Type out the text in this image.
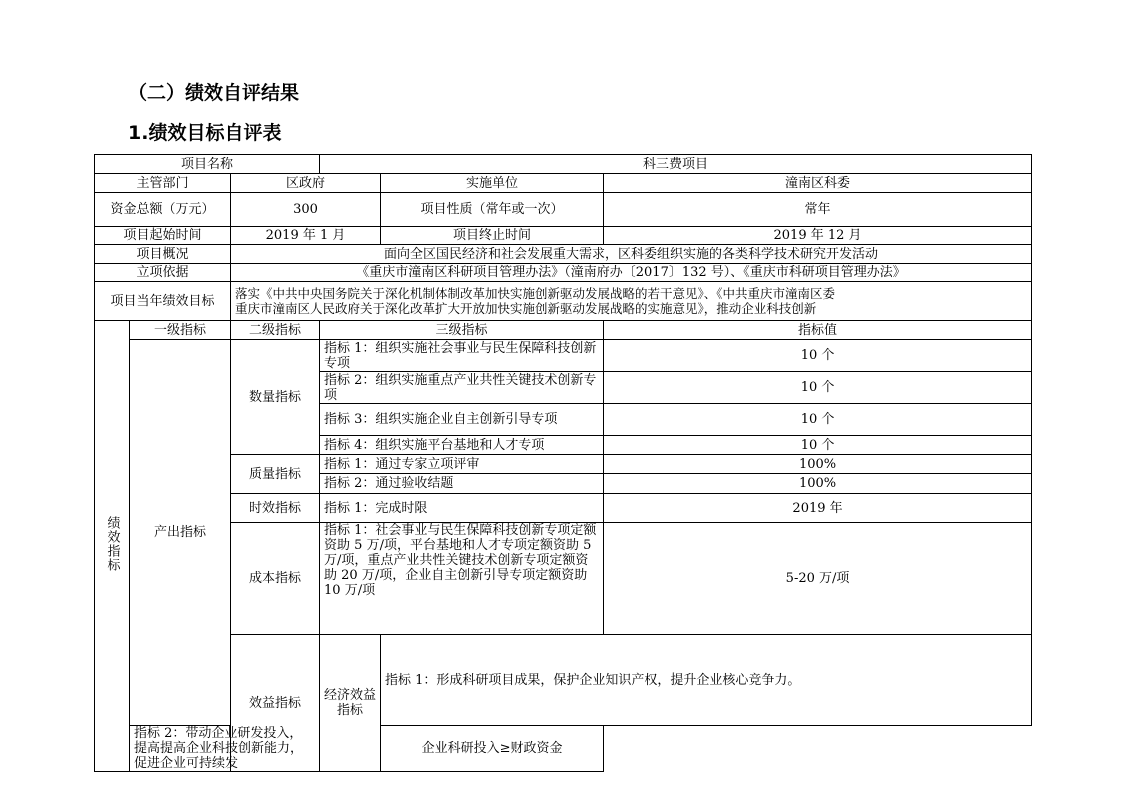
（二）绩效自评结果
1.绩效目标自评表
项目名称			科三费项目			
主管部门		区政府		实施单位	潼南区科委	
资金总额（万元）		300		项目性质（常年或一次）	常年	
项目起始时间		2019 年 1 月		项目终止时间	2019 年 12 月	
项目概况		面向全区国民经济和社会发展重大需求，区科委组织实施的各类科学技术研究开发活动				
立项依据		《重庆市潼南区科研项目管理办法》（潼南府办〔2017〕132 号）、《重庆市科研项目管理办法》				
项目当年绩效目标		落实《中共中央国务院关于深化机制体制改革加快实施创新驱动发展战略的若干意见》、《中共重庆市潼南区委
重庆市潼南区人民政府关于深化改革扩大开放加快实施创新驱动发展战略的实施意见》，推动企业科技创新				

绩效指标	一级指标	二级指标	三级指标		指标值	
	产出指标	数量指标	指标 1：组织实施社会事业与民生保障科技创新专项		10 个	
			指标 2：组织实施重点产业共性关键技术创新专项		10 个	
			指标 3：组织实施企业自主创新引导专项		10 个	
			指标 4：组织实施平台基地和人才专项		10 个	
		质量指标	指标 1：通过专家立项评审		100%	
			指标 2：通过验收结题		100%	
		时效指标	指标 1：完成时限		2019 年	
		成本指标	指标 1：社会事业与民生保障科技创新专项定额资助 5 万/项，平台基地和人才专项定额资助 5 万/项，重点产业共性关键技术创新专项定额资助 20 万/项，企业自主创新引导专项定额资助 10 万/项		5-20 万/项	
		效益指标	经济效益指标	指标 1：形成科研项目成果，保护企业知识产权，提升企业核心竞争力。	
	指标 2：带动企业研发投入，提高提高企业科技创新能力，促进企业可持续发			企业科研投入≥财政资金		
